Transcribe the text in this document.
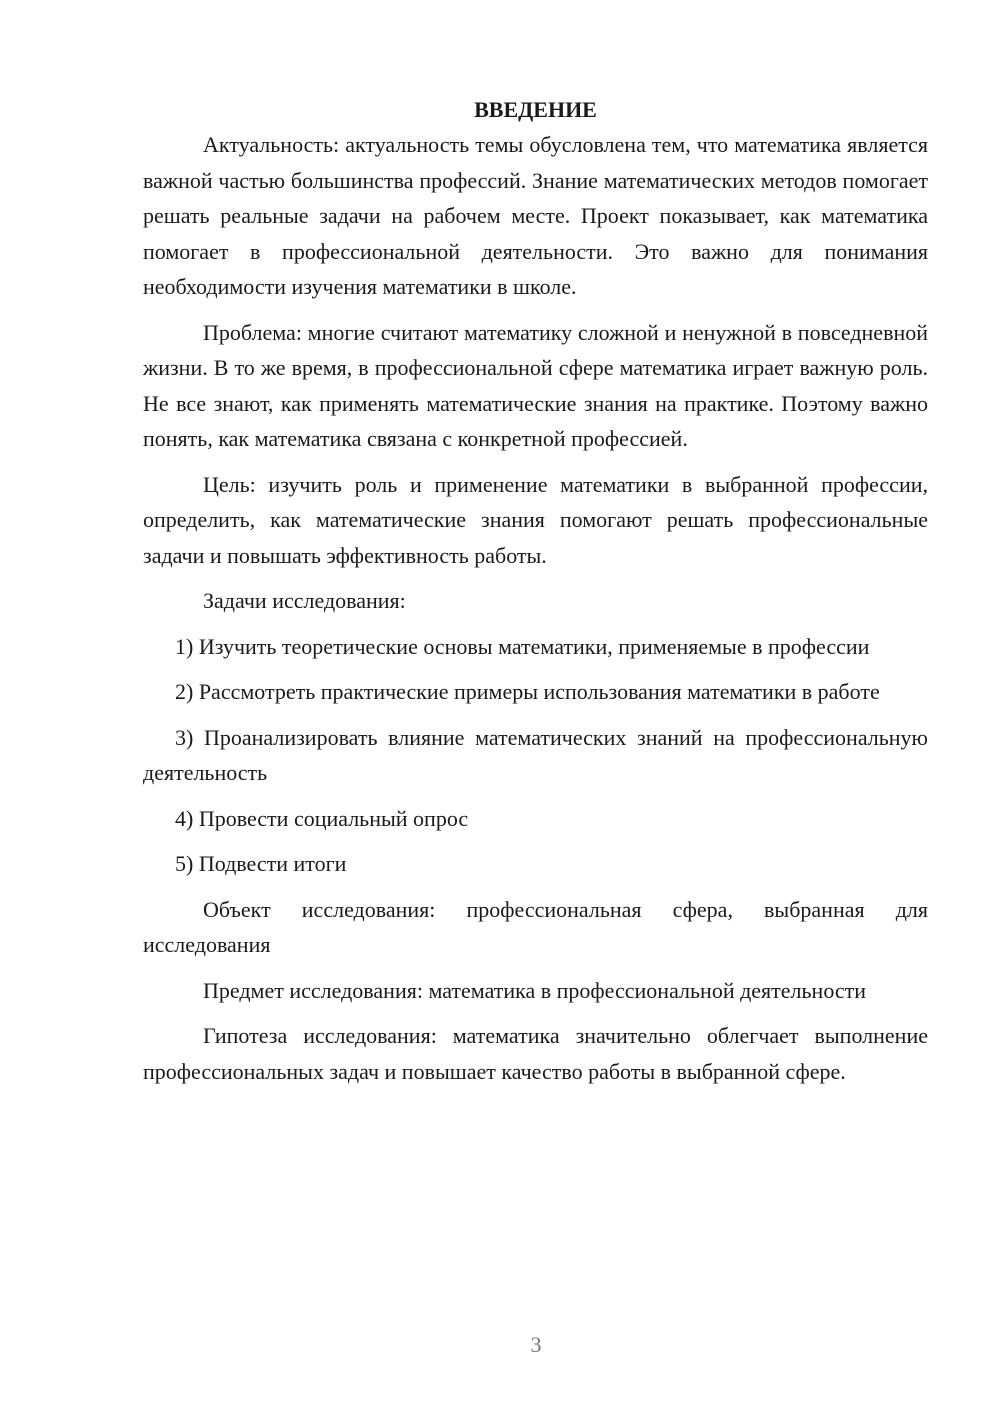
ВВЕДЕНИЕ

Актуальность: актуальность темы обусловлена тем, что математика является важной частью большинства профессий. Знание математических методов помогает решать реальные задачи на рабочем месте. Проект показывает, как математика помогает в профессиональной деятельности. Это важно для понимания необходимости изучения математики в школе.

Проблема: многие считают математику сложной и ненужной в повседневной жизни. В то же время, в профессиональной сфере математика играет важную роль. Не все знают, как применять математические знания на практике. Поэтому важно понять, как математика связана с конкретной профессией.

Цель: изучить роль и применение математики в выбранной профессии, определить, как математические знания помогают решать профессиональные задачи и повышать эффективность работы.

Задачи исследования:

1) Изучить теоретические основы математики, применяемые в профессии

2) Рассмотреть практические примеры использования математики в работе

3) Проанализировать влияние математических знаний на профессиональную деятельность

4) Провести социальный опрос

5) Подвести итоги

Объект исследования: профессиональная сфера, выбранная для исследования

Предмет исследования: математика в профессиональной деятельности

Гипотеза исследования: математика значительно облегчает выполнение профессиональных задач и повышает качество работы в выбранной сфере.

3
